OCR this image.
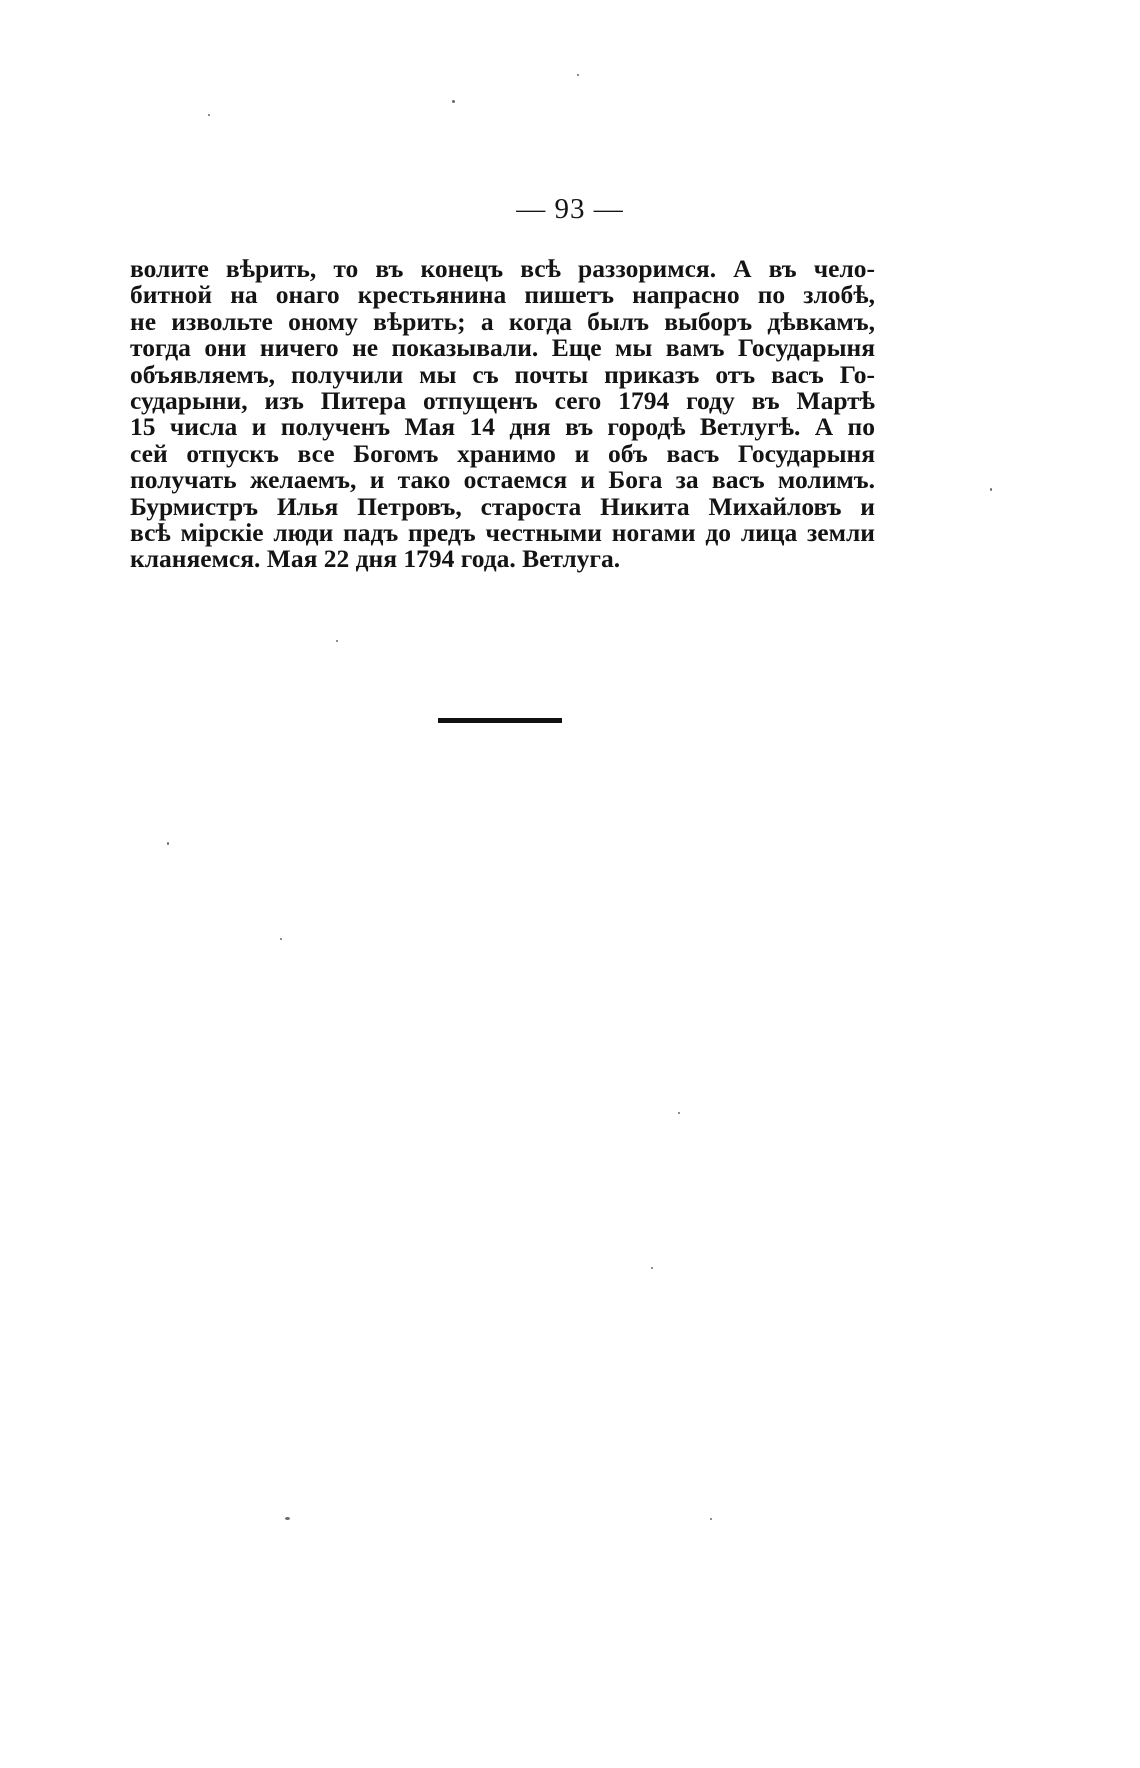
— 93 —
волите вѣрить, то въ конецъ всѣ раззоримся. А въ чело-
битной на онаго крестьянина пишетъ напрасно по злобѣ,
не извольте оному вѣрить; а когда былъ выборъ дѣвкамъ,
тогда они ничего не показывали. Еще мы вамъ Государыня
объявляемъ, получили мы съ почты приказъ отъ васъ Го-
сударыни, изъ Питера отпущенъ сего 1794 году въ Мартѣ
15 числа и полученъ Мая 14 дня въ городѣ Ветлугѣ. А по
сей отпускъ все Богомъ хранимо и объ васъ Государыня
получать желаемъ, и тако остаемся и Бога за васъ молимъ.
Бурмистръ Илья Петровъ, староста Никита Михайловъ и
всѣ мірскіе люди падъ предъ честными ногами до лица земли
кланяемся. Мая 22 дня 1794 года. Ветлуга.
